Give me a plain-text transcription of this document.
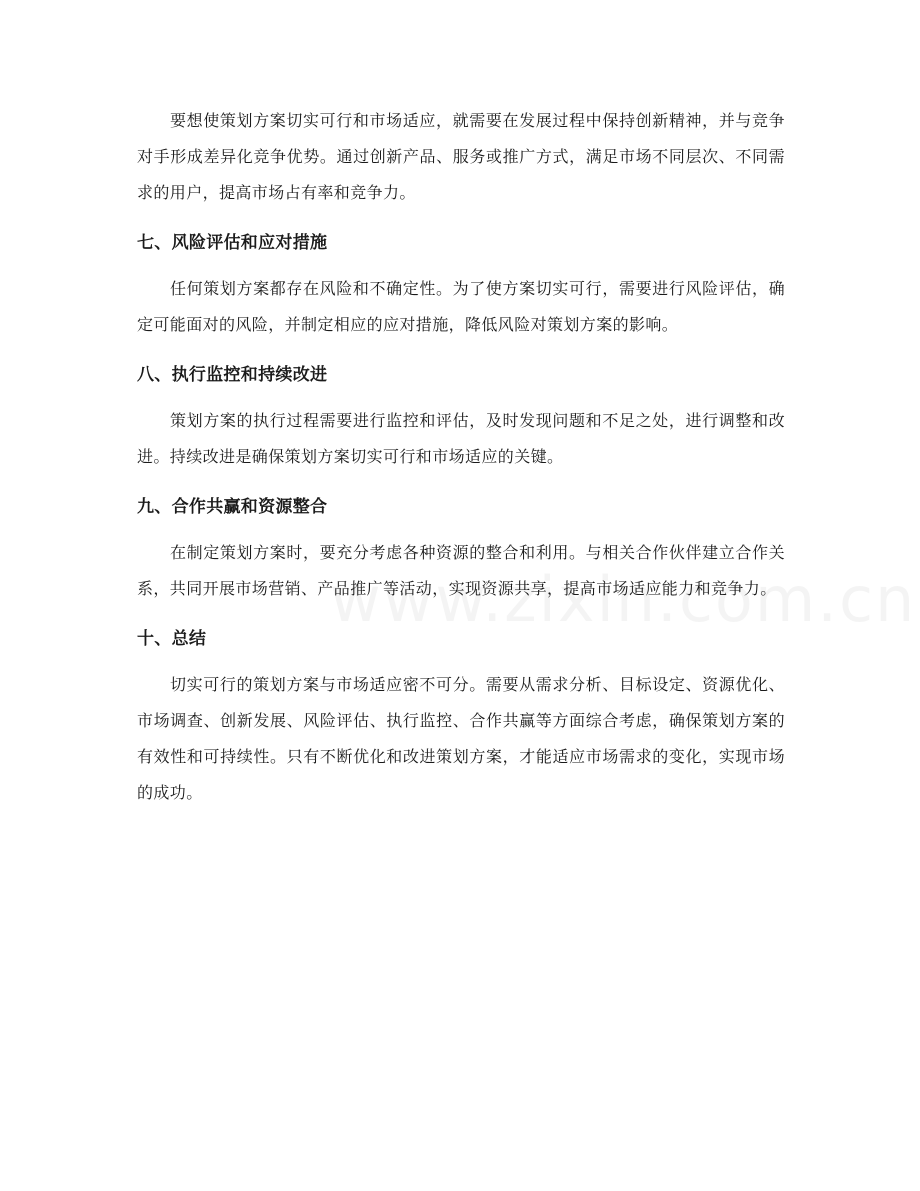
要想使策划方案切实可行和市场适应，就需要在发展过程中保持创新精神，并与竞争对手形成差异化竞争优势。通过创新产品、服务或推广方式，满足市场不同层次、不同需求的用户，提高市场占有率和竞争力。

七、风险评估和应对措施

任何策划方案都存在风险和不确定性。为了使方案切实可行，需要进行风险评估，确定可能面对的风险，并制定相应的应对措施，降低风险对策划方案的影响。

八、执行监控和持续改进

策划方案的执行过程需要进行监控和评估，及时发现问题和不足之处，进行调整和改进。持续改进是确保策划方案切实可行和市场适应的关键。

九、合作共赢和资源整合

在制定策划方案时，要充分考虑各种资源的整合和利用。与相关合作伙伴建立合作关系，共同开展市场营销、产品推广等活动，实现资源共享，提高市场适应能力和竞争力。

十、总结

切实可行的策划方案与市场适应密不可分。需要从需求分析、目标设定、资源优化、市场调查、创新发展、风险评估、执行监控、合作共赢等方面综合考虑，确保策划方案的有效性和可持续性。只有不断优化和改进策划方案，才能适应市场需求的变化，实现市场的成功。
